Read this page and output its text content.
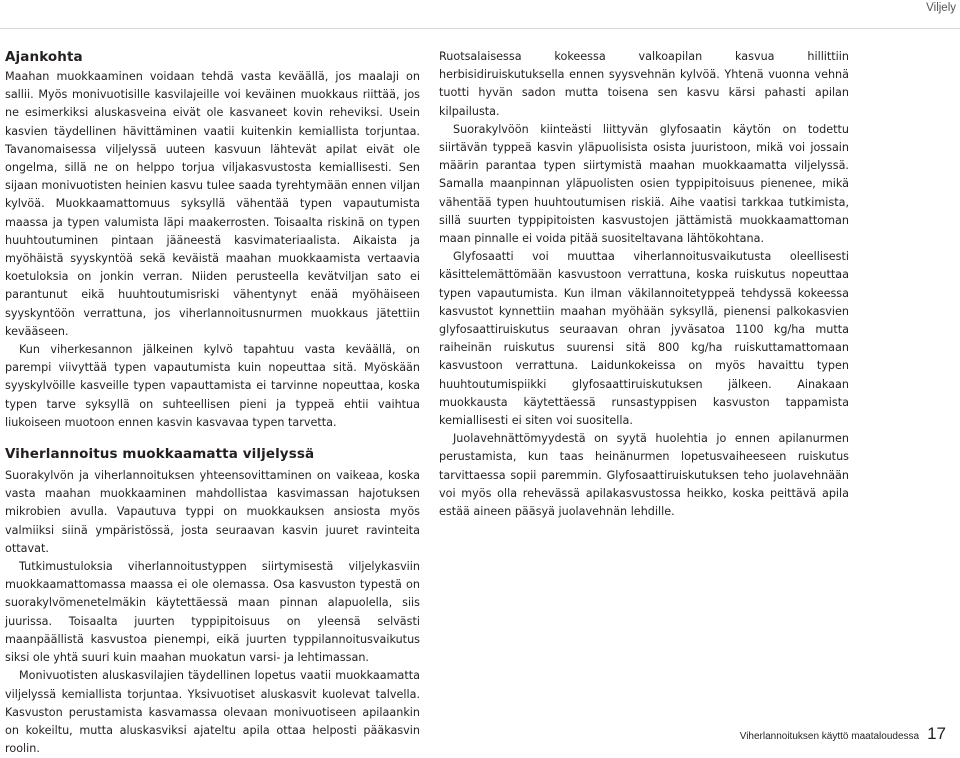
Viljely
Ajankohta

Maahan muokkaaminen voidaan tehdä vasta keväällä, jos maalaji on sallii. Myös monivuotisille kasvilajeille voi keväinen muokkaus riittää, jos ne esimerkiksi aluskasveina eivät ole kasvaneet kovin reheviksi. Usein kasvien täydellinen hävittäminen vaatii kuitenkin kemiallista torjuntaa. Tavanomaisessa viljelyssä uuteen kasvuun lähtevät apilat eivät ole ongelma, sillä ne on helppo torjua viljakasvustosta kemiallisesti. Sen sijaan monivuotisten heinien kasvu tulee saada tyrehtymään ennen viljan kylvöä. Muokkaamattomuus syksyllä vähentää typen vapautumista maassa ja typen valumista läpi maakerrosten. Toisaalta riskinä on typen huuhtoutuminen pintaan jääneestä kasvimateriaalista. Aikaista ja myöhäistä syyskyntöä sekä keväistä maahan muokkaamista vertaavia koetuloksia on jonkin verran. Niiden perusteella kevätviljan sato ei parantunut eikä huuhtoutumisriski vähentynyt enää myöhäiseen syyskyntöön verrattuna, jos viherlannoitusnurmen muokkaus jätettiin kevääseen.

Kun viherkesannon jälkeinen kylvö tapahtuu vasta keväällä, on parempi viivyttää typen vapautumista kuin nopeuttaa sitä. Myöskään syyskylvöille kasveille typen vapauttamista ei tarvinne nopeuttaa, koska typen tarve syksyllä on suhteellisen pieni ja typpeä ehtii vaihtua liukoiseen muotoon ennen kasvin kasvavaa typen tarvetta.

Viherlannoitus muokkaamatta viljelyssä

Suorakylvön ja viherlannoituksen yhteensovittaminen on vaikeaa, koska vasta maahan muokkaaminen mahdollistaa kasvimassan hajotuksen mikrobien avulla. Vapautuva typpi on muokkauksen ansiosta myös valmiiksi siinä ympäristössä, josta seuraavan kasvin juuret ravinteita ottavat.

Tutkimustuloksia viherlannoitustyppen siirtymisestä viljelykasviin muokkaamattomassa maassa ei ole olemassa. Osa kasvuston typestä on suorakylvömenetelmäkin käytettäessä maan pinnan alapuolella, siis juurissa. Toisaalta juurten typpipitoisuus on yleensä selvästi maanpäällistä kasvustoa pienempi, eikä juurten typpilannoitusvaikutus siksi ole yhtä suuri kuin maahan muokatun varsi- ja lehtimassan.

Monivuotisten aluskasvilajien täydellinen lopetus vaatii muokkaamatta viljelyssä kemiallista torjuntaa. Yksivuotiset aluskasvit kuolevat talvella. Kasvuston perustamista kasvamassa olevaan monivuotiseen apilaankin on kokeiltu, mutta aluskasviksi ajateltu apila ottaa helposti pääkasvin roolin.

Ruotsalaisessa kokeessa valkoapilan kasvua hillittiin herbisidiruiskutuksella ennen syysvehnän kylvöä. Yhtenä vuonna vehnä tuotti hyvän sadon mutta toisena sen kasvu kärsi pahasti apilan kilpailusta.

Suorakylvöön kiinteästi liittyvän glyfosaatin käytön on todettu siirtävän typpeä kasvin yläpuolisista osista juuristoon, mikä voi jossain määrin parantaa typen siirtymistä maahan muokkaamatta viljelyssä. Samalla maanpinnan yläpuolisten osien typpipitoisuus pienenee, mikä vähentää typen huuhtoutumisen riskiä. Aihe vaatisi tarkkaa tutkimista, sillä suurten typpipitoisten kasvustojen jättämistä muokkaamattoman maan pinnalle ei voida pitää suositeltavana lähtökohtana.

Glyfosaatti voi muuttaa viherlannoitusvaikutusta oleellisesti käsittelemättömään kasvustoon verrattuna, koska ruiskutus nopeuttaa typen vapautumista. Kun ilman väkilannoitetyppeä tehdyssä kokeessa kasvustot kynnettiin maahan myöhään syksyllä, pienensi palkokasvien glyfosaattiruiskutus seuraavan ohran jyväsatoa 1100 kg/ha mutta raiheinän ruiskutus suurensi sitä 800 kg/ha ruiskuttamattomaan kasvustoon verrattuna. Laidunkokeissa on myös havaittu typen huuhtoutumispiikki glyfosaattiruiskutuksen jälkeen. Ainakaan muokkausta käytettäessä runsastyppisen kasvuston tappamista kemiallisesti ei siten voi suositella.

Juolavehnättömyydestä on syytä huolehtia jo ennen apilanurmen perustamista, kun taas heinänurmen lopetusvaiheeseen ruiskutus tarvittaessa sopii paremmin. Glyfosaattiruiskutuksen teho juolavehnään voi myös olla rehevässä apilakasvustossa heikko, koska peittävä apila estää aineen pääsyä juolavehnän lehdille.

Viherlannoituksen käyttö maataloudessa 17
